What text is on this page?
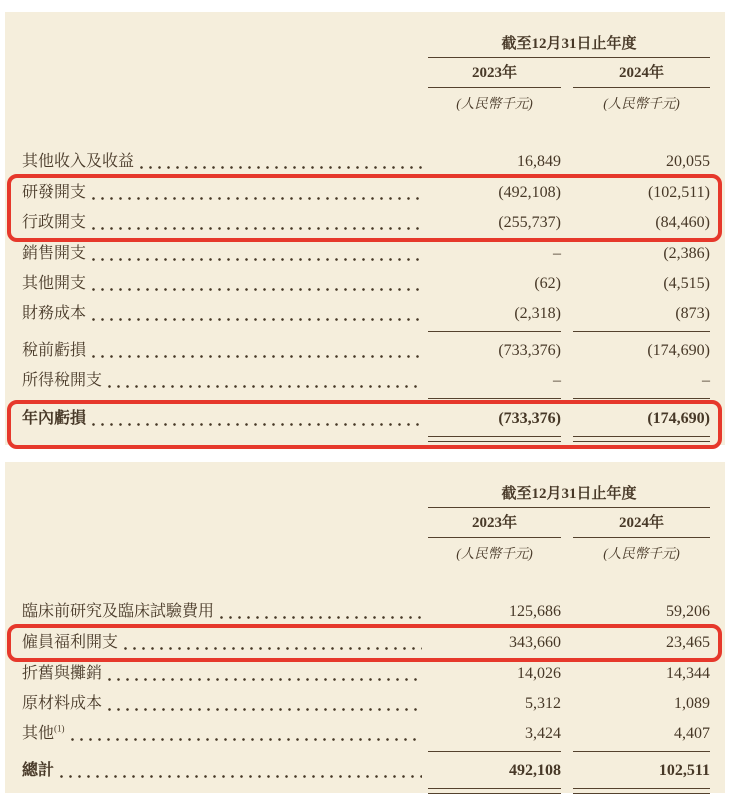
截至12月31日止年度
2023年	2024年
(人民幣千元)	(人民幣千元)
其他收入及收益	16,849	20,055
研發開支	(492,108)	(102,511)
行政開支	(255,737)	(84,460)
銷售開支	–	(2,386)
其他開支	(62)	(4,515)
財務成本	(2,318)	(873)
稅前虧損	(733,376)	(174,690)
所得稅開支	–	–
年內虧損	(733,376)	(174,690)
截至12月31日止年度
2023年	2024年
(人民幣千元)	(人民幣千元)
臨床前研究及臨床試驗費用	125,686	59,206
僱員福利開支	343,660	23,465
折舊與攤銷	14,026	14,344
原材料成本	5,312	1,089
其他$^{(1)}$	3,424	4,407
總計	492,108	102,511
